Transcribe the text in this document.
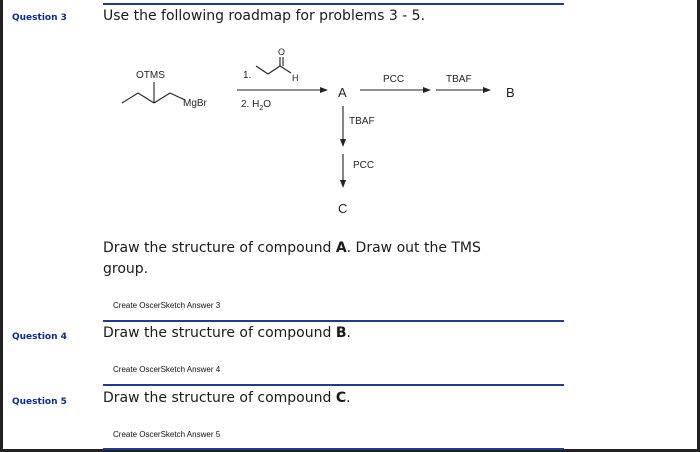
Question 3	Use the following roadmap for problems 3 - 5.
OTMS
MgBr
1.
O
H
2. $H_2O$
A
PCC	TBAF
B
TBAF
PCC
C
Draw the structure of compound A. Draw out the TMS
group.
Create OscerSketch Answer 3
Question 4	Draw the structure of compound B.
Create OscerSketch Answer 4
Question 5	Draw the structure of compound C.
Create OscerSketch Answer 5
